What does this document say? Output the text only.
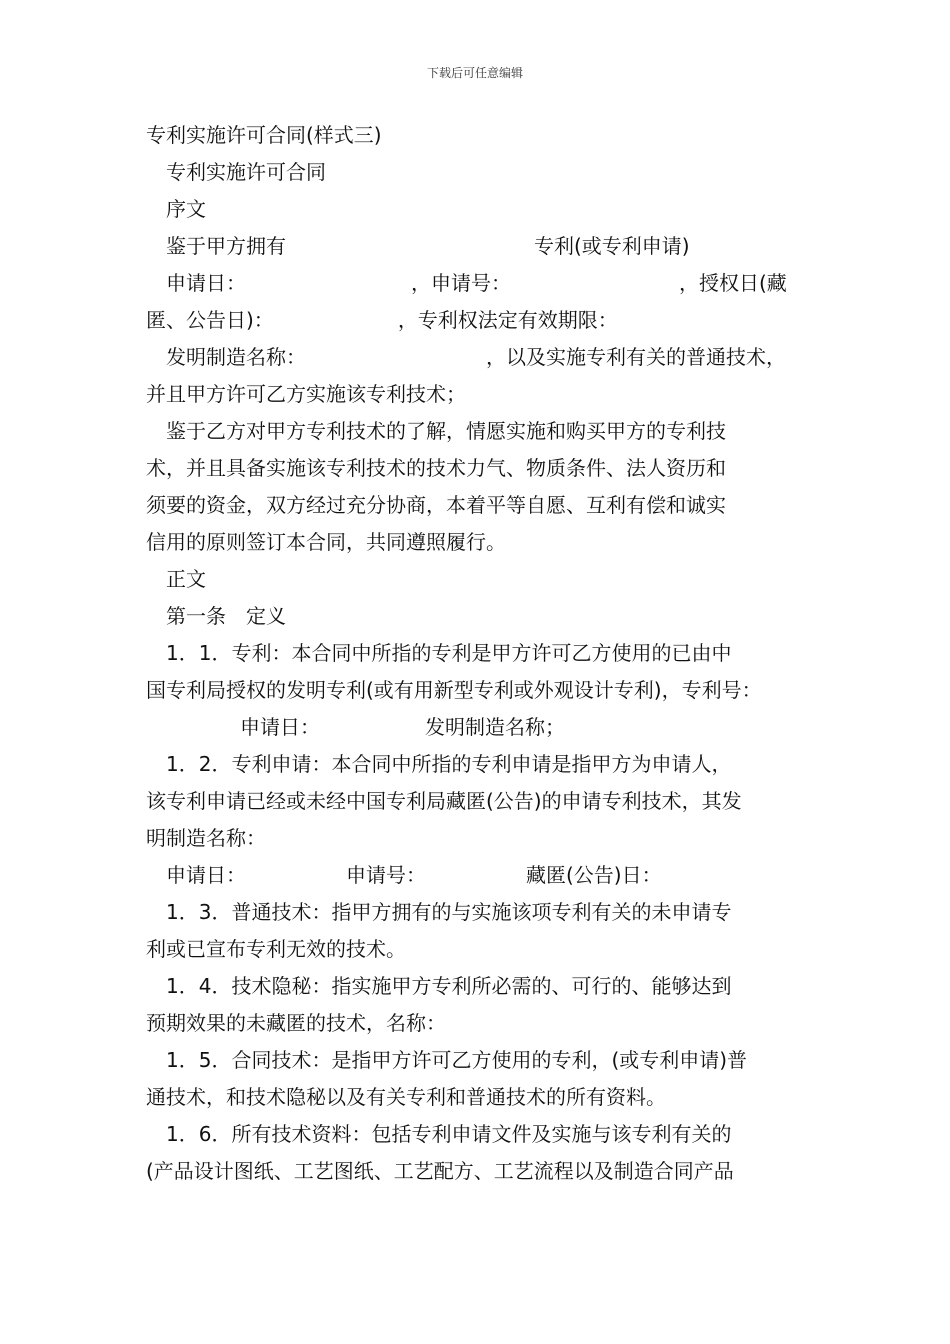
下载后可任意编辑
专利实施许可合同(样式三)
专利实施许可合同
序文
鉴于甲方拥有	专利(或专利申请)
申请日：	，申请号：	，授权日(藏
匿、公告日)：	，专利权法定有效期限：
发明制造名称：	，以及实施专利有关的普通技术，
并且甲方许可乙方实施该专利技术；
鉴于乙方对甲方专利技术的了解，情愿实施和购买甲方的专利技
术，并且具备实施该专利技术的技术力气、物质条件、法人资历和
须要的资金，双方经过充分协商，本着平等自愿、互利有偿和诚实
信用的原则签订本合同，共同遵照履行。
正文
第一条　定义
1．1．专利：本合同中所指的专利是甲方许可乙方使用的已由中
国专利局授权的发明专利(或有用新型专利或外观设计专利)，专利号：
申请日：	发明制造名称；
1．2．专利申请：本合同中所指的专利申请是指甲方为申请人，
该专利申请已经或未经中国专利局藏匿(公告)的申请专利技术，其发
明制造名称：
申请日：	申请号：	藏匿(公告)日：
1．3．普通技术：指甲方拥有的与实施该项专利有关的未申请专
利或已宣布专利无效的技术。
1．4．技术隐秘：指实施甲方专利所必需的、可行的、能够达到
预期效果的未藏匿的技术，名称：
1．5．合同技术：是指甲方许可乙方使用的专利，(或专利申请)普
通技术，和技术隐秘以及有关专利和普通技术的所有资料。
1．6．所有技术资料：包括专利申请文件及实施与该专利有关的
(产品设计图纸、工艺图纸、工艺配方、工艺流程以及制造合同产品
